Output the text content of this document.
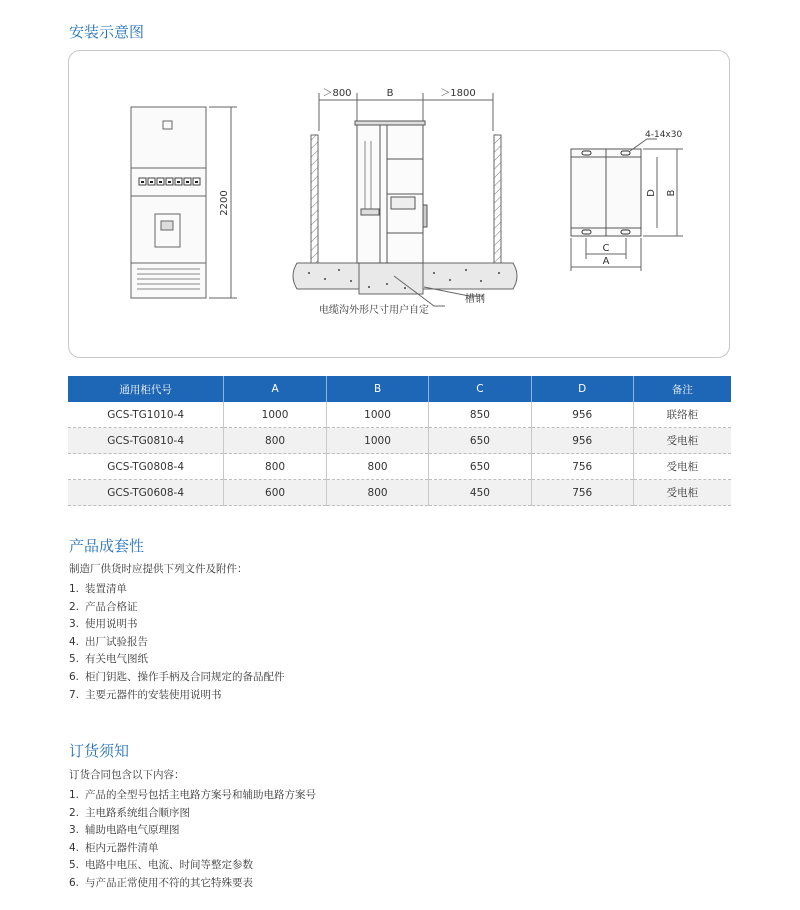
安装示意图
2200
＞800	B	＞1800
电缆沟外形尺寸用户自定
槽钢
4-14x30
D B
C
A
通用柜代号	A	B	C	D	备注
GCS-TG1010-4	1000	1000	850	956	联络柜
GCS-TG0810-4	800	1000	650	956	受电柜
GCS-TG0808-4	800	800	650	756	受电柜
GCS-TG0608-4	600	800	450	756	受电柜
产品成套性

制造厂供货时应提供下列文件及附件：

1. 装置清单
2. 产品合格证
3. 使用说明书
4. 出厂试验报告
5. 有关电气图纸
6. 柜门钥匙、操作手柄及合同规定的备品配件
7. 主要元器件的安装使用说明书
订货须知

订货合同包含以下内容：

1. 产品的全型号包括主电路方案号和辅助电路方案号
2. 主电路系统组合顺序图
3. 辅助电路电气原理图
4. 柜内元器件清单
5. 电路中电压、电流、时间等整定参数
6. 与产品正常使用不符的其它特殊要表
